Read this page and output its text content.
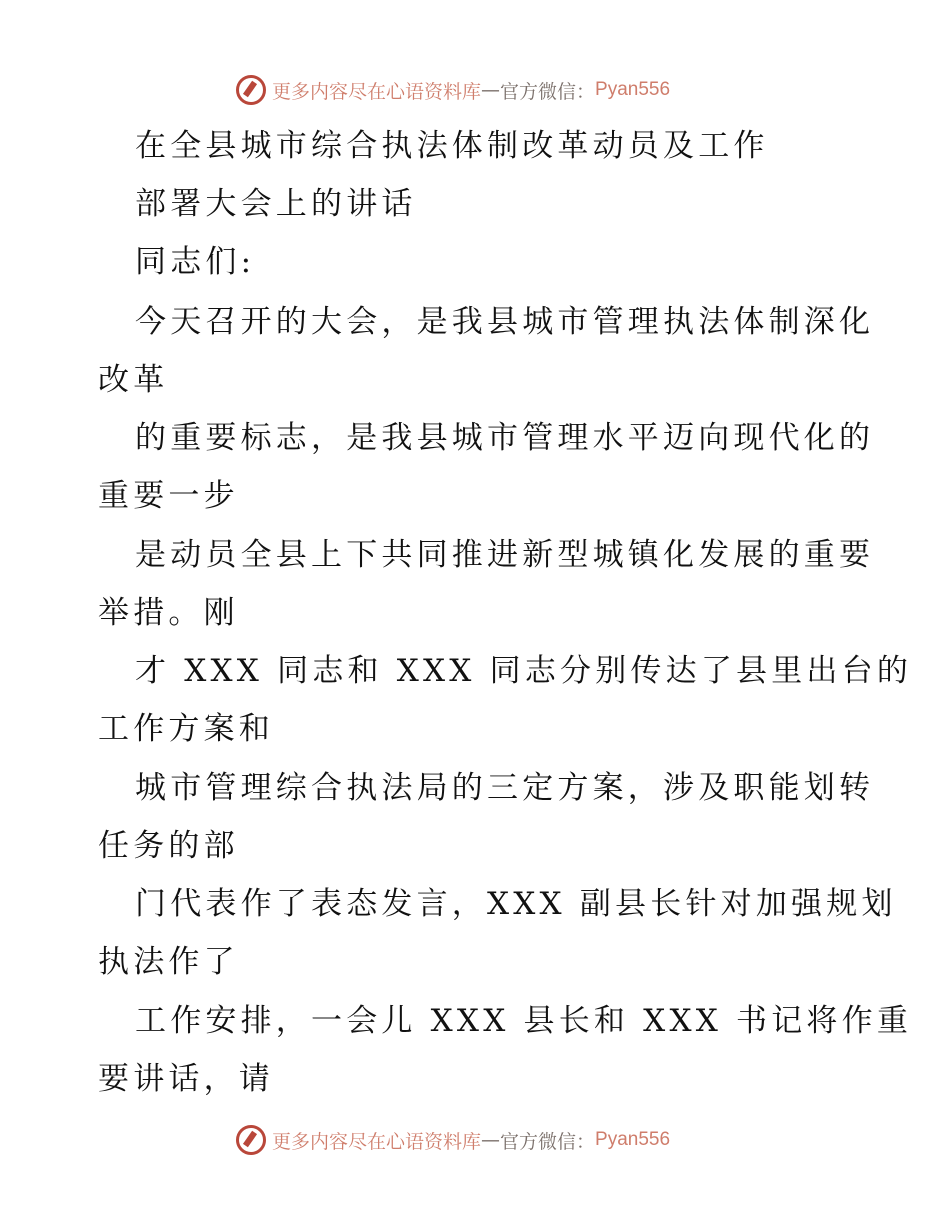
更多内容尽在心语资料库 — 官方微信： Pyan556
在全县城市综合执法体制改革动员及工作
部署大会上的讲话
同志们:
今天召开的大会，是我县城市管理执法体制深化
改革
的重要标志，是我县城市管理水平迈向现代化的
重要一步
是动员全县上下共同推进新型城镇化发展的重要
举措。刚
才 XXX 同志和 XXX 同志分别传达了县里出台的
工作方案和
城市管理综合执法局的三定方案，涉及职能划转
任务的部
门代表作了表态发言，XXX 副县长针对加强规划
执法作了
工作安排，一会儿 XXX 县长和 XXX 书记将作重
要讲话，请
更多内容尽在心语资料库 — 官方微信： Pyan556
